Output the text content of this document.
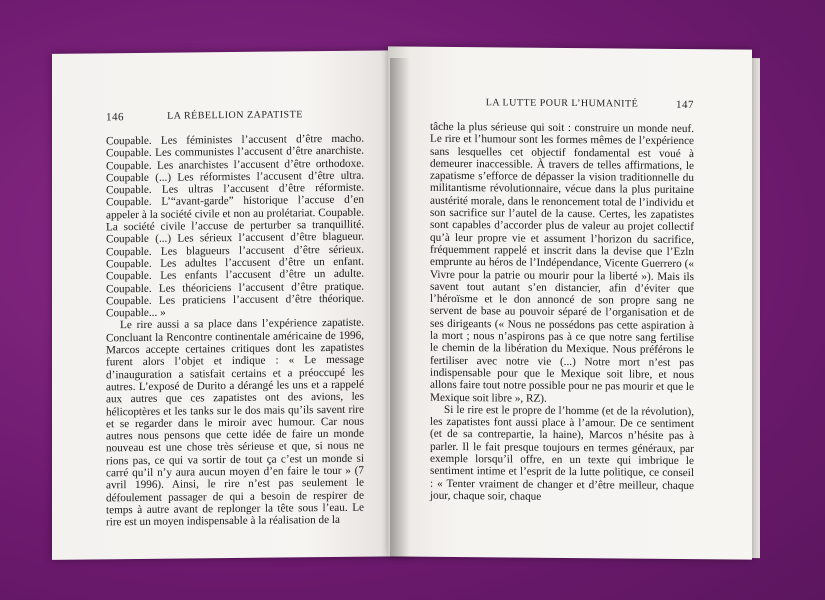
146	LA RÉBELLION ZAPATISTE

Coupable. Les féministes l’accusent d’être macho. Coupable. Les communistes l’accusent d’être anarchiste. Coupable. Les anarchistes l’accusent d’être orthodoxe. Coupable (...) Les réformistes l’accusent d’être ultra. Coupable. Les ultras l’accusent d’être réformiste. Coupable. L’“avant-garde” historique l’accuse d’en appeler à la société civile et non au prolétariat. Coupable. La société civile l’accuse de perturber sa tranquillité. Coupable (...) Les sérieux l’accusent d’être blagueur. Coupable. Les blagueurs l’accusent d’être sérieux. Coupable. Les adultes l’accusent d’être un enfant. Coupable. Les enfants l’accusent d’être un adulte. Coupable. Les théoriciens l’accusent d’être pratique. Coupable. Les praticiens l’accusent d’être théorique. Coupable... »

Le rire aussi a sa place dans l’expérience zapatiste. Concluant la Rencontre continentale américaine de 1996, Marcos accepte certaines critiques dont les zapatistes furent alors l’objet et indique : « Le message d’inauguration a satisfait certains et a préoccupé les autres. L’exposé de Durito a dérangé les uns et a rappelé aux autres que ces zapatistes ont des avions, les hélicoptères et les tanks sur le dos mais qu’ils savent rire et se regarder dans le miroir avec humour. Car nous autres nous pensons que cette idée de faire un monde nouveau est une chose très sérieuse et que, si nous ne rions pas, ce qui va sortir de tout ça c’est un monde si carré qu’il n’y aura aucun moyen d’en faire le tour » (7 avril 1996). Ainsi, le rire n’est pas seulement le défoulement passager de qui a besoin de respirer de temps à autre avant de replonger la tête sous l’eau. Le rire est un moyen indispensable à la réalisation de la

LA LUTTE POUR L’HUMANITÉ	147

tâche la plus sérieuse qui soit : construire un monde neuf. Le rire et l’humour sont les formes mêmes de l’expérience sans lesquelles cet objectif fondamental est voué à demeurer inaccessible. À travers de telles affirmations, le zapatisme s’efforce de dépasser la vision traditionnelle du militantisme révolutionnaire, vécue dans la plus puritaine austérité morale, dans le renoncement total de l’individu et son sacrifice sur l’autel de la cause. Certes, les zapatistes sont capables d’accorder plus de valeur au projet collectif qu’à leur propre vie et assument l’horizon du sacrifice, fréquemment rappelé et inscrit dans la devise que l’Ezln emprunte au héros de l’Indépendance, Vicente Guerrero (« Vivre pour la patrie ou mourir pour la liberté »). Mais ils savent tout autant s’en distancier, afin d’éviter que l’héroïsme et le don annoncé de son propre sang ne servent de base au pouvoir séparé de l’organisation et de ses dirigeants (« Nous ne possédons pas cette aspiration à la mort ; nous n’aspirons pas à ce que notre sang fertilise le chemin de la libération du Mexique. Nous préférons le fertiliser avec notre vie (...) Notre mort n’est pas indispensable pour que le Mexique soit libre, et nous allons faire tout notre possible pour ne pas mourir et que le Mexique soit libre », RZ).

Si le rire est le propre de l’homme (et de la révolution), les zapatistes font aussi place à l’amour. De ce sentiment (et de sa contrepartie, la haine), Marcos n’hésite pas à parler. Il le fait presque toujours en termes généraux, par exemple lorsqu’il offre, en un texte qui imbrique le sentiment intime et l’esprit de la lutte politique, ce conseil : « Tenter vraiment de changer et d’être meilleur, chaque jour, chaque soir, chaque
